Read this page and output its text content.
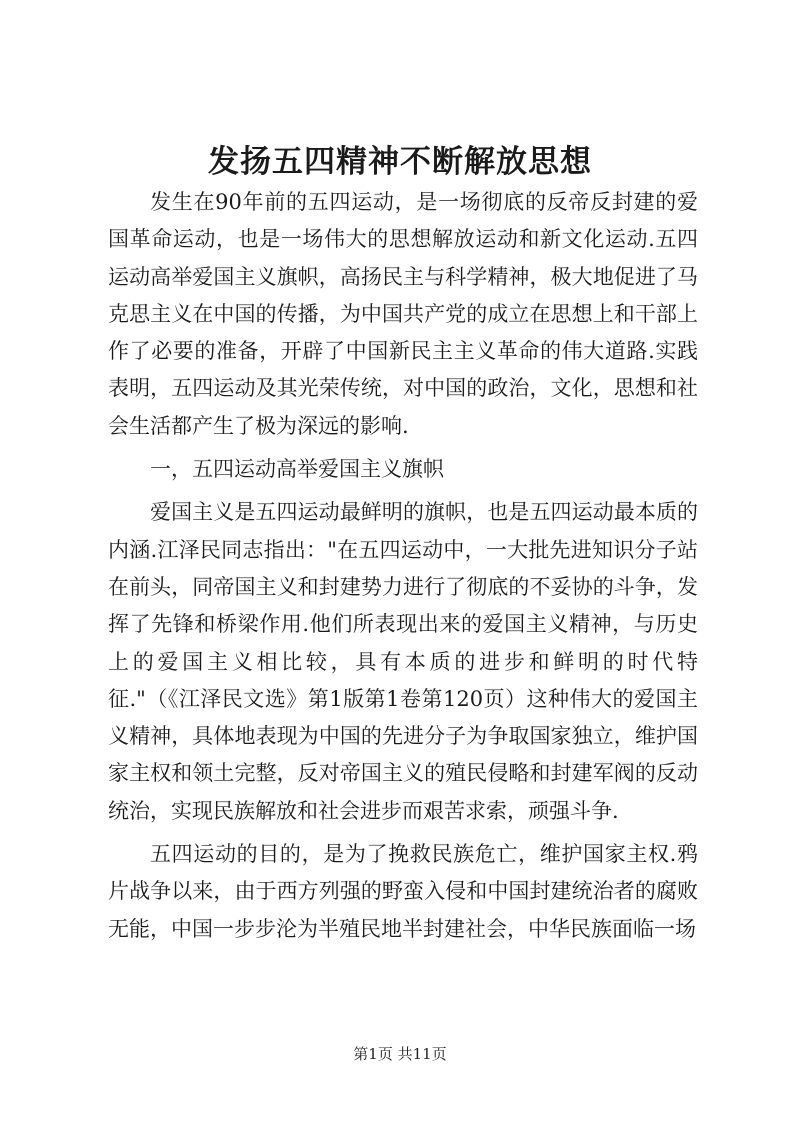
发扬五四精神不断解放思想

发生在90年前的五四运动，是一场彻底的反帝反封建的爱国革命运动，也是一场伟大的思想解放运动和新文化运动.五四运动高举爱国主义旗帜，高扬民主与科学精神，极大地促进了马克思主义在中国的传播，为中国共产党的成立在思想上和干部上作了必要的准备，开辟了中国新民主主义革命的伟大道路.实践表明，五四运动及其光荣传统，对中国的政治，文化，思想和社会生活都产生了极为深远的影响.

一，五四运动高举爱国主义旗帜

爱国主义是五四运动最鲜明的旗帜，也是五四运动最本质的内涵.江泽民同志指出："在五四运动中，一大批先进知识分子站在前头，同帝国主义和封建势力进行了彻底的不妥协的斗争，发挥了先锋和桥梁作用.他们所表现出来的爱国主义精神，与历史上的爱国主义相比较，具有本质的进步和鲜明的时代特征."（《江泽民文选》第1版第1卷第120页）这种伟大的爱国主义精神，具体地表现为中国的先进分子为争取国家独立，维护国家主权和领土完整，反对帝国主义的殖民侵略和封建军阀的反动统治，实现民族解放和社会进步而艰苦求索，顽强斗争.

五四运动的目的，是为了挽救民族危亡，维护国家主权.鸦片战争以来，由于西方列强的野蛮入侵和中国封建统治者的腐败无能，中国一步步沦为半殖民地半封建社会，中华民族面临一场

第1页 共11页
